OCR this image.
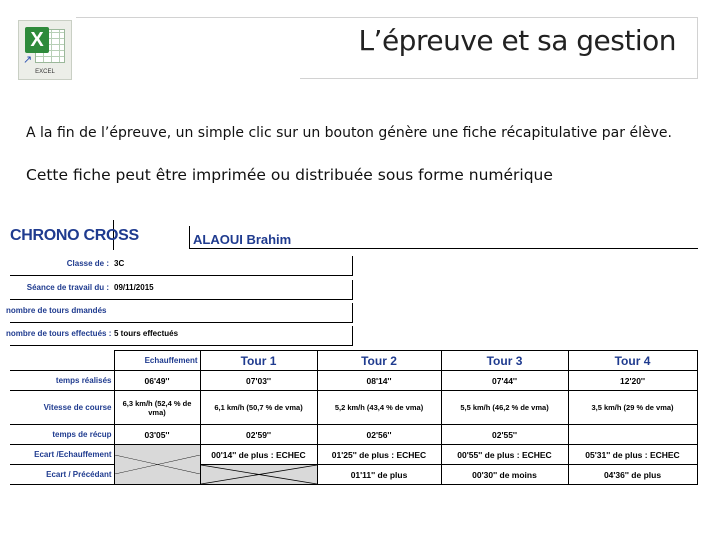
X
↗
EXCEL
L’épreuve et sa gestion
A la fin de l’épreuve, un simple clic sur un bouton génère une fiche récapitulative par élève.
Cette fiche peut être imprimée ou distribuée sous forme numérique
CHRONO CROSS	ALAOUI Brahim
Classe de : 3C
Séance de travail du : 09/11/2015
nombre de tours dmandés
nombre de tours effectués : 5 tours effectués
	Echauffement	Tour 1	Tour 2	Tour 3	Tour 4
temps réalisés	06'49''	07'03''	08'14''	07'44''	12'20''
Vitesse de course	6,3 km/h (52,4 % de vma)	6,1 km/h (50,7 % de vma)	5,2 km/h (43,4 % de vma)	5,5 km/h (46,2 % de vma)	3,5 km/h (29 % de vma)
temps de récup	03'05''	02'59''	02'56''	02'55''	
Ecart /Echauffement		00'14'' de plus : ECHEC	01'25'' de plus : ECHEC	00'55'' de plus : ECHEC	05'31'' de plus : ECHEC
Ecart / Précédant			01'11'' de plus	00'30'' de moins	04'36'' de plus
